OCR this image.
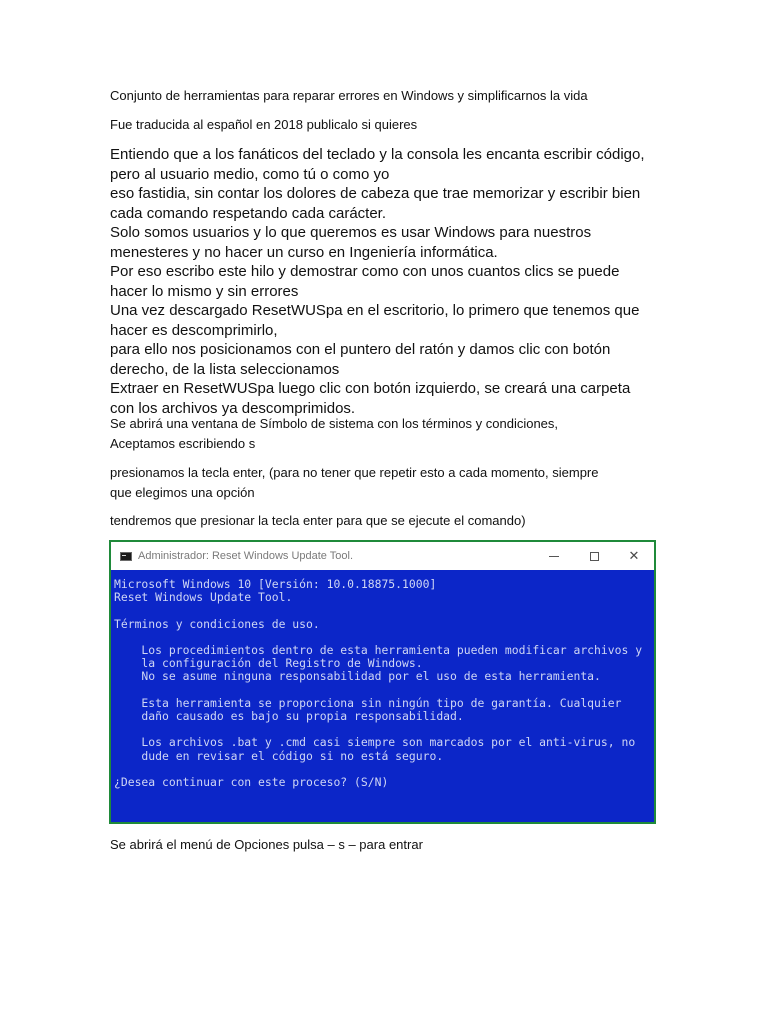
Conjunto de herramientas para reparar errores en Windows y simplificarnos la vida

Fue traducida al español en 2018 publicalo si quieres

Entiendo que a los fanáticos del teclado y la consola les encanta escribir código,
pero al usuario medio, como tú o como yo
eso fastidia, sin contar los dolores de cabeza que trae memorizar y escribir bien
cada comando respetando cada carácter.
Solo somos usuarios y lo que queremos es usar Windows para nuestros
menesteres y no hacer un curso en Ingeniería informática.
Por eso escribo este hilo y demostrar como con unos cuantos clics se puede
hacer lo mismo y sin errores
Una vez descargado ResetWUSpa en el escritorio, lo primero que tenemos que
hacer es descomprimirlo,
para ello nos posicionamos con el puntero del ratón y damos clic con botón
derecho, de la lista seleccionamos
Extraer en ResetWUSpa luego clic con botón izquierdo, se creará una carpeta
con los archivos ya descomprimidos.

Se abrirá una ventana de Símbolo de sistema con los términos y condiciones,

Aceptamos escribiendo s

presionamos la tecla enter, (para no tener que repetir esto a cada momento, siempre

que elegimos una opción

tendremos que presionar la tecla enter para que se ejecute el comando)

Administrador: Reset Windows Update Tool.	✕
Microsoft Windows 10 [Versión: 10.0.18875.1000]
Reset Windows Update Tool.
Términos y condiciones de uso.
Los procedimientos dentro de esta herramienta pueden modificar archivos y
la configuración del Registro de Windows.
No se asume ninguna responsabilidad por el uso de esta herramienta.
Esta herramienta se proporciona sin ningún tipo de garantía. Cualquier
daño causado es bajo su propia responsabilidad.
Los archivos .bat y .cmd casi siempre son marcados por el anti-virus, no
dude en revisar el código si no está seguro.
¿Desea continuar con este proceso? (S/N)

Se abrirá el menú de Opciones pulsa – s – para entrar
